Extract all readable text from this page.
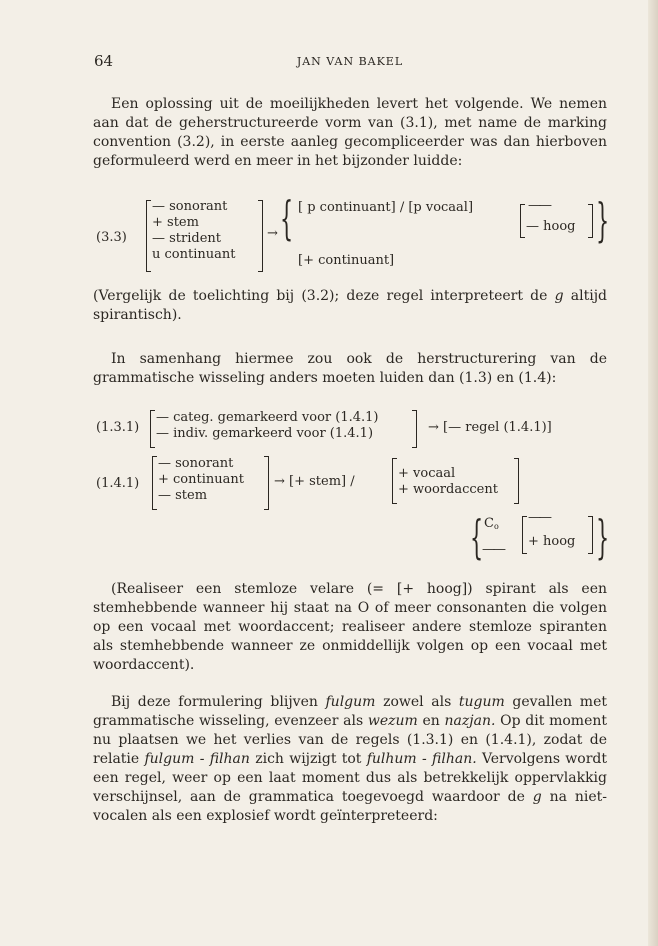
64	JAN VAN BAKEL

Een oplossing uit de moeilijkheden levert het volgende. We nemen aan dat de geherstructureerde vorm van (3.1), met name de marking convention (3.2), in eerste aanleg gecompliceerder was dan hierboven geformuleerd werd en meer in het bijzonder luidde:

(3.3)
— sonorant
+ stem
— strident
u continuant
→ { [ p continuant] / [p vocaal]
[+ continuant]
——
— hoog }

(Vergelijk de toelichting bij (3.2); deze regel interpreteert de g altijd spirantisch).

In samenhang hiermee zou ook de herstructurering van de grammatische wisseling anders moeten luiden dan (1.3) en (1.4):

(1.3.1)
— categ. gemarkeerd voor (1.4.1)
— indiv. gemarkeerd voor (1.4.1)	→ [— regel (1.4.1)]
(1.4.1)
— sonorant
+ continuant
— stem
→ [+ stem] /
+ vocaal
+ woordaccent
{ $C_o$
——
——
+ hoog }

(Realiseer een stemloze velare (= [+ hoog]) spirant als een stemhebbende wanneer hij staat na O of meer consonanten die volgen op een vocaal met woordaccent; realiseer andere stemloze spiranten als stemhebbende wanneer ze onmiddellijk volgen op een vocaal met woordaccent).

Bij deze formulering blijven fulgum zowel als tugum gevallen met grammatische wisseling, evenzeer als wezum en nazjan. Op dit moment nu plaatsen we het verlies van de regels (1.3.1) en (1.4.1), zodat de relatie fulgum - filhan zich wijzigt tot fulhum - filhan. Vervolgens wordt een regel, weer op een laat moment dus als betrekkelijk oppervlakkig verschijnsel, aan de grammatica toegevoegd waardoor de g na niet-vocalen als een explosief wordt geïnterpreteerd:
